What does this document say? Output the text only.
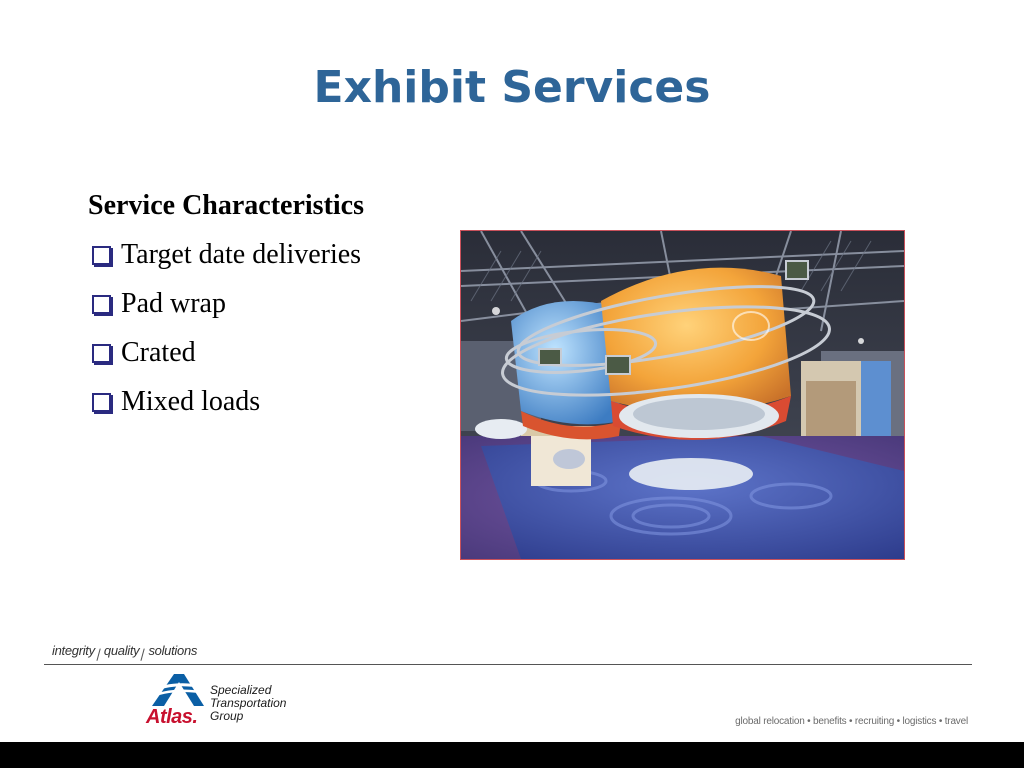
Exhibit Services
Service Characteristics
Target date deliveries
Pad wrap
Crated
Mixed loads
integrity| quality| solutions
Atlas.
Specialized
Transportation
Group	global relocation • benefits • recruiting • logistics • travel
